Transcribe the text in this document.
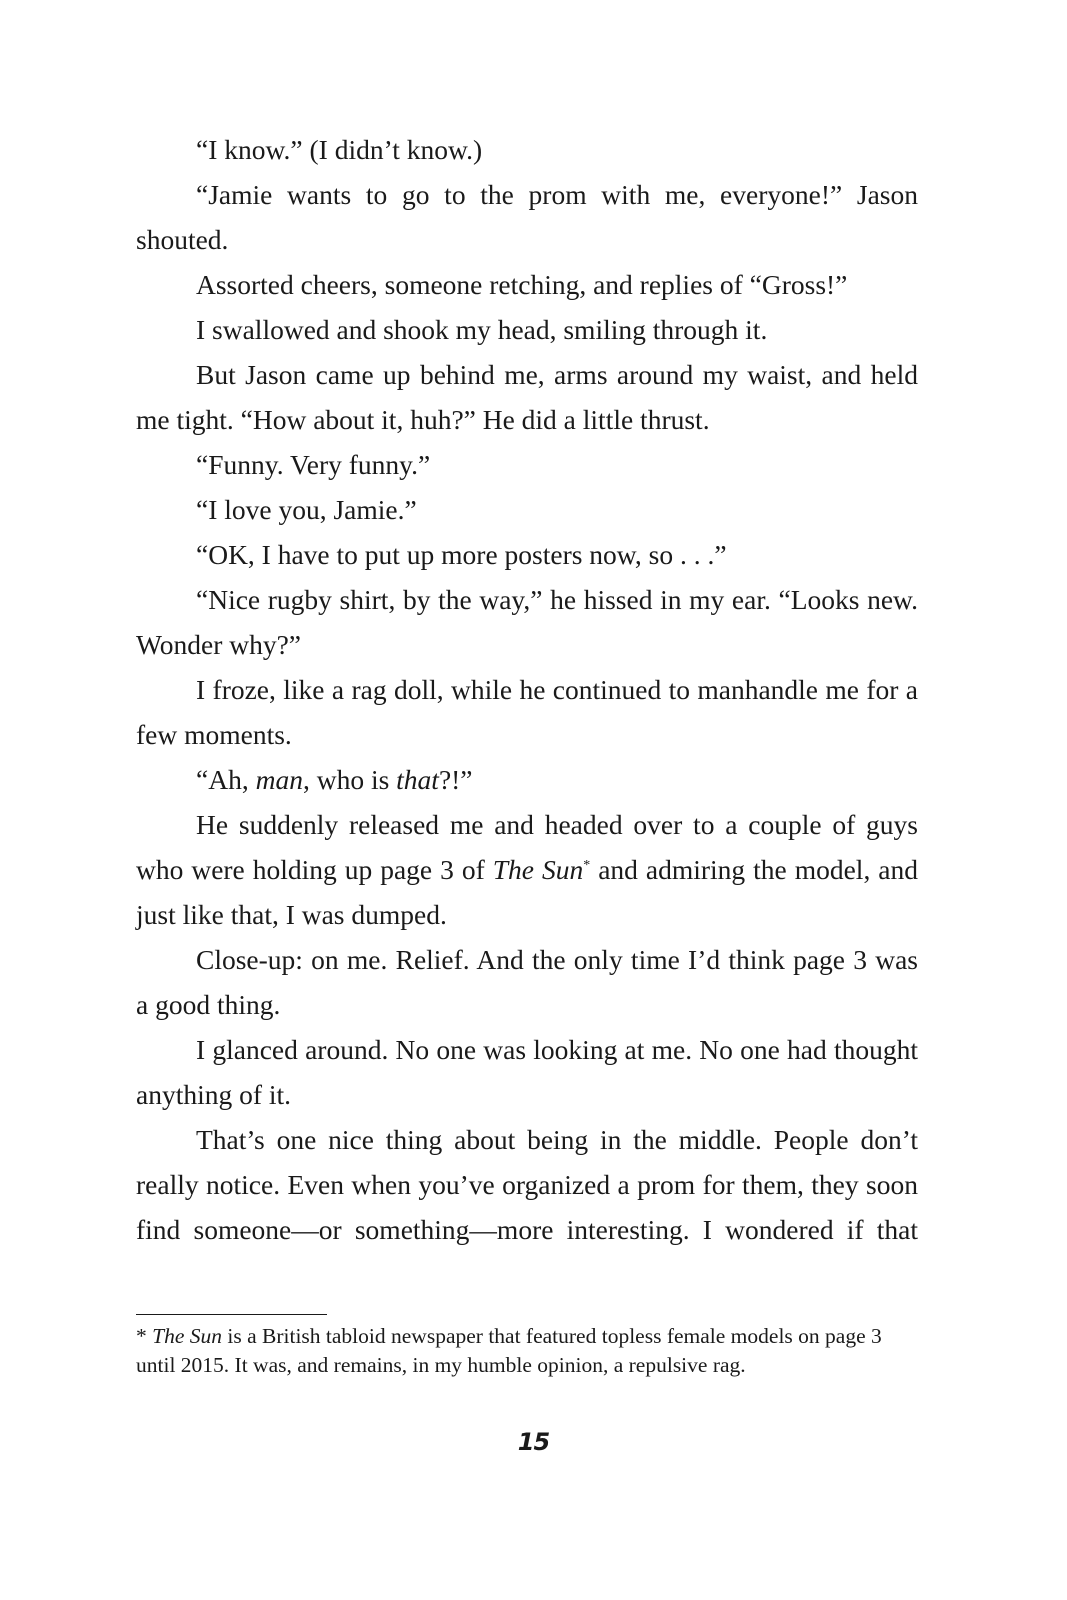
“I know.” (I didn’t know.)

“Jamie wants to go to the prom with me, everyone!” Jason shouted.

Assorted cheers, someone retching, and replies of “Gross!”

I swallowed and shook my head, smiling through it.

But Jason came up behind me, arms around my waist, and held me tight. “How about it, huh?” He did a little thrust.

“Funny. Very funny.”

“I love you, Jamie.”

“OK, I have to put up more posters now, so . . .”

“Nice rugby shirt, by the way,” he hissed in my ear. “Looks new. Wonder why?”

I froze, like a rag doll, while he continued to manhandle me for a few moments.

“Ah, man, who is that?!”

He suddenly released me and headed over to a couple of guys who were holding up page 3 of The Sun* and admiring the model, and just like that, I was dumped.

Close-up: on me. Relief. And the only time I’d think page 3 was a good thing.

I glanced around. No one was looking at me. No one had thought anything of it.

That’s one nice thing about being in the middle. People don’t really notice. Even when you’ve organized a prom for them, they soon find someone—or something—more interesting. I wondered if that

* The Sun is a British tabloid newspaper that featured topless female models on page 3 until 2015. It was, and remains, in my humble opinion, a repulsive rag.

15
